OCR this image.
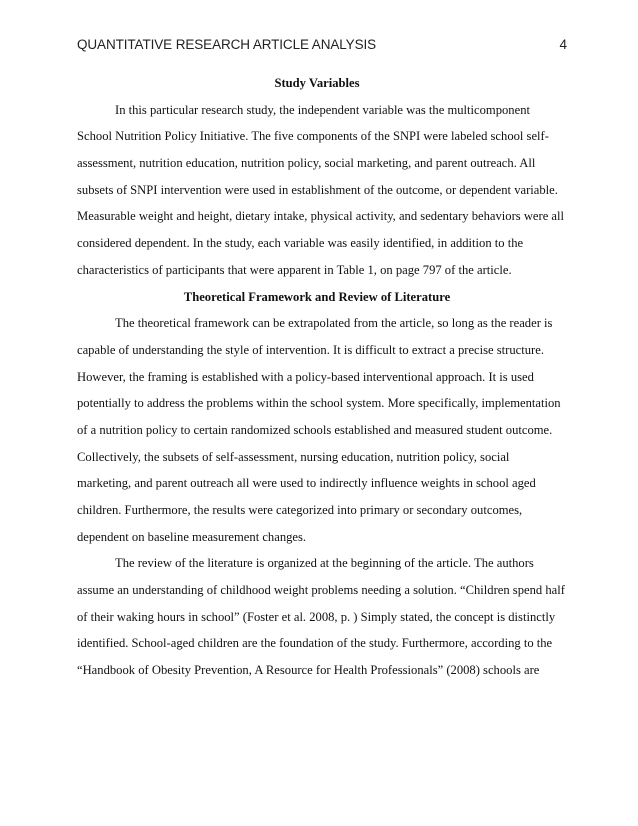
QUANTITATIVE RESEARCH ARTICLE ANALYSIS	4
Study Variables
In this particular research study, the independent variable was the multicomponent
School Nutrition Policy Initiative. The five components of the SNPI were labeled school self-
assessment, nutrition education, nutrition policy, social marketing, and parent outreach. All
subsets of SNPI intervention were used in establishment of the outcome, or dependent variable.
Measurable weight and height, dietary intake, physical activity, and sedentary behaviors were all
considered dependent. In the study, each variable was easily identified, in addition to the
characteristics of participants that were apparent in Table 1, on page 797 of the article.
Theoretical Framework and Review of Literature
The theoretical framework can be extrapolated from the article, so long as the reader is
capable of understanding the style of intervention. It is difficult to extract a precise structure.
However, the framing is established with a policy-based interventional approach. It is used
potentially to address the problems within the school system. More specifically, implementation
of a nutrition policy to certain randomized schools established and measured student outcome.
Collectively, the subsets of self-assessment, nursing education, nutrition policy, social
marketing, and parent outreach all were used to indirectly influence weights in school aged
children. Furthermore, the results were categorized into primary or secondary outcomes,
dependent on baseline measurement changes.
The review of the literature is organized at the beginning of the article. The authors
assume an understanding of childhood weight problems needing a solution. “Children spend half
of their waking hours in school” (Foster et al. 2008, p. ) Simply stated, the concept is distinctly
identified. School-aged children are the foundation of the study. Furthermore, according to the
“Handbook of Obesity Prevention, A Resource for Health Professionals” (2008) schools are
